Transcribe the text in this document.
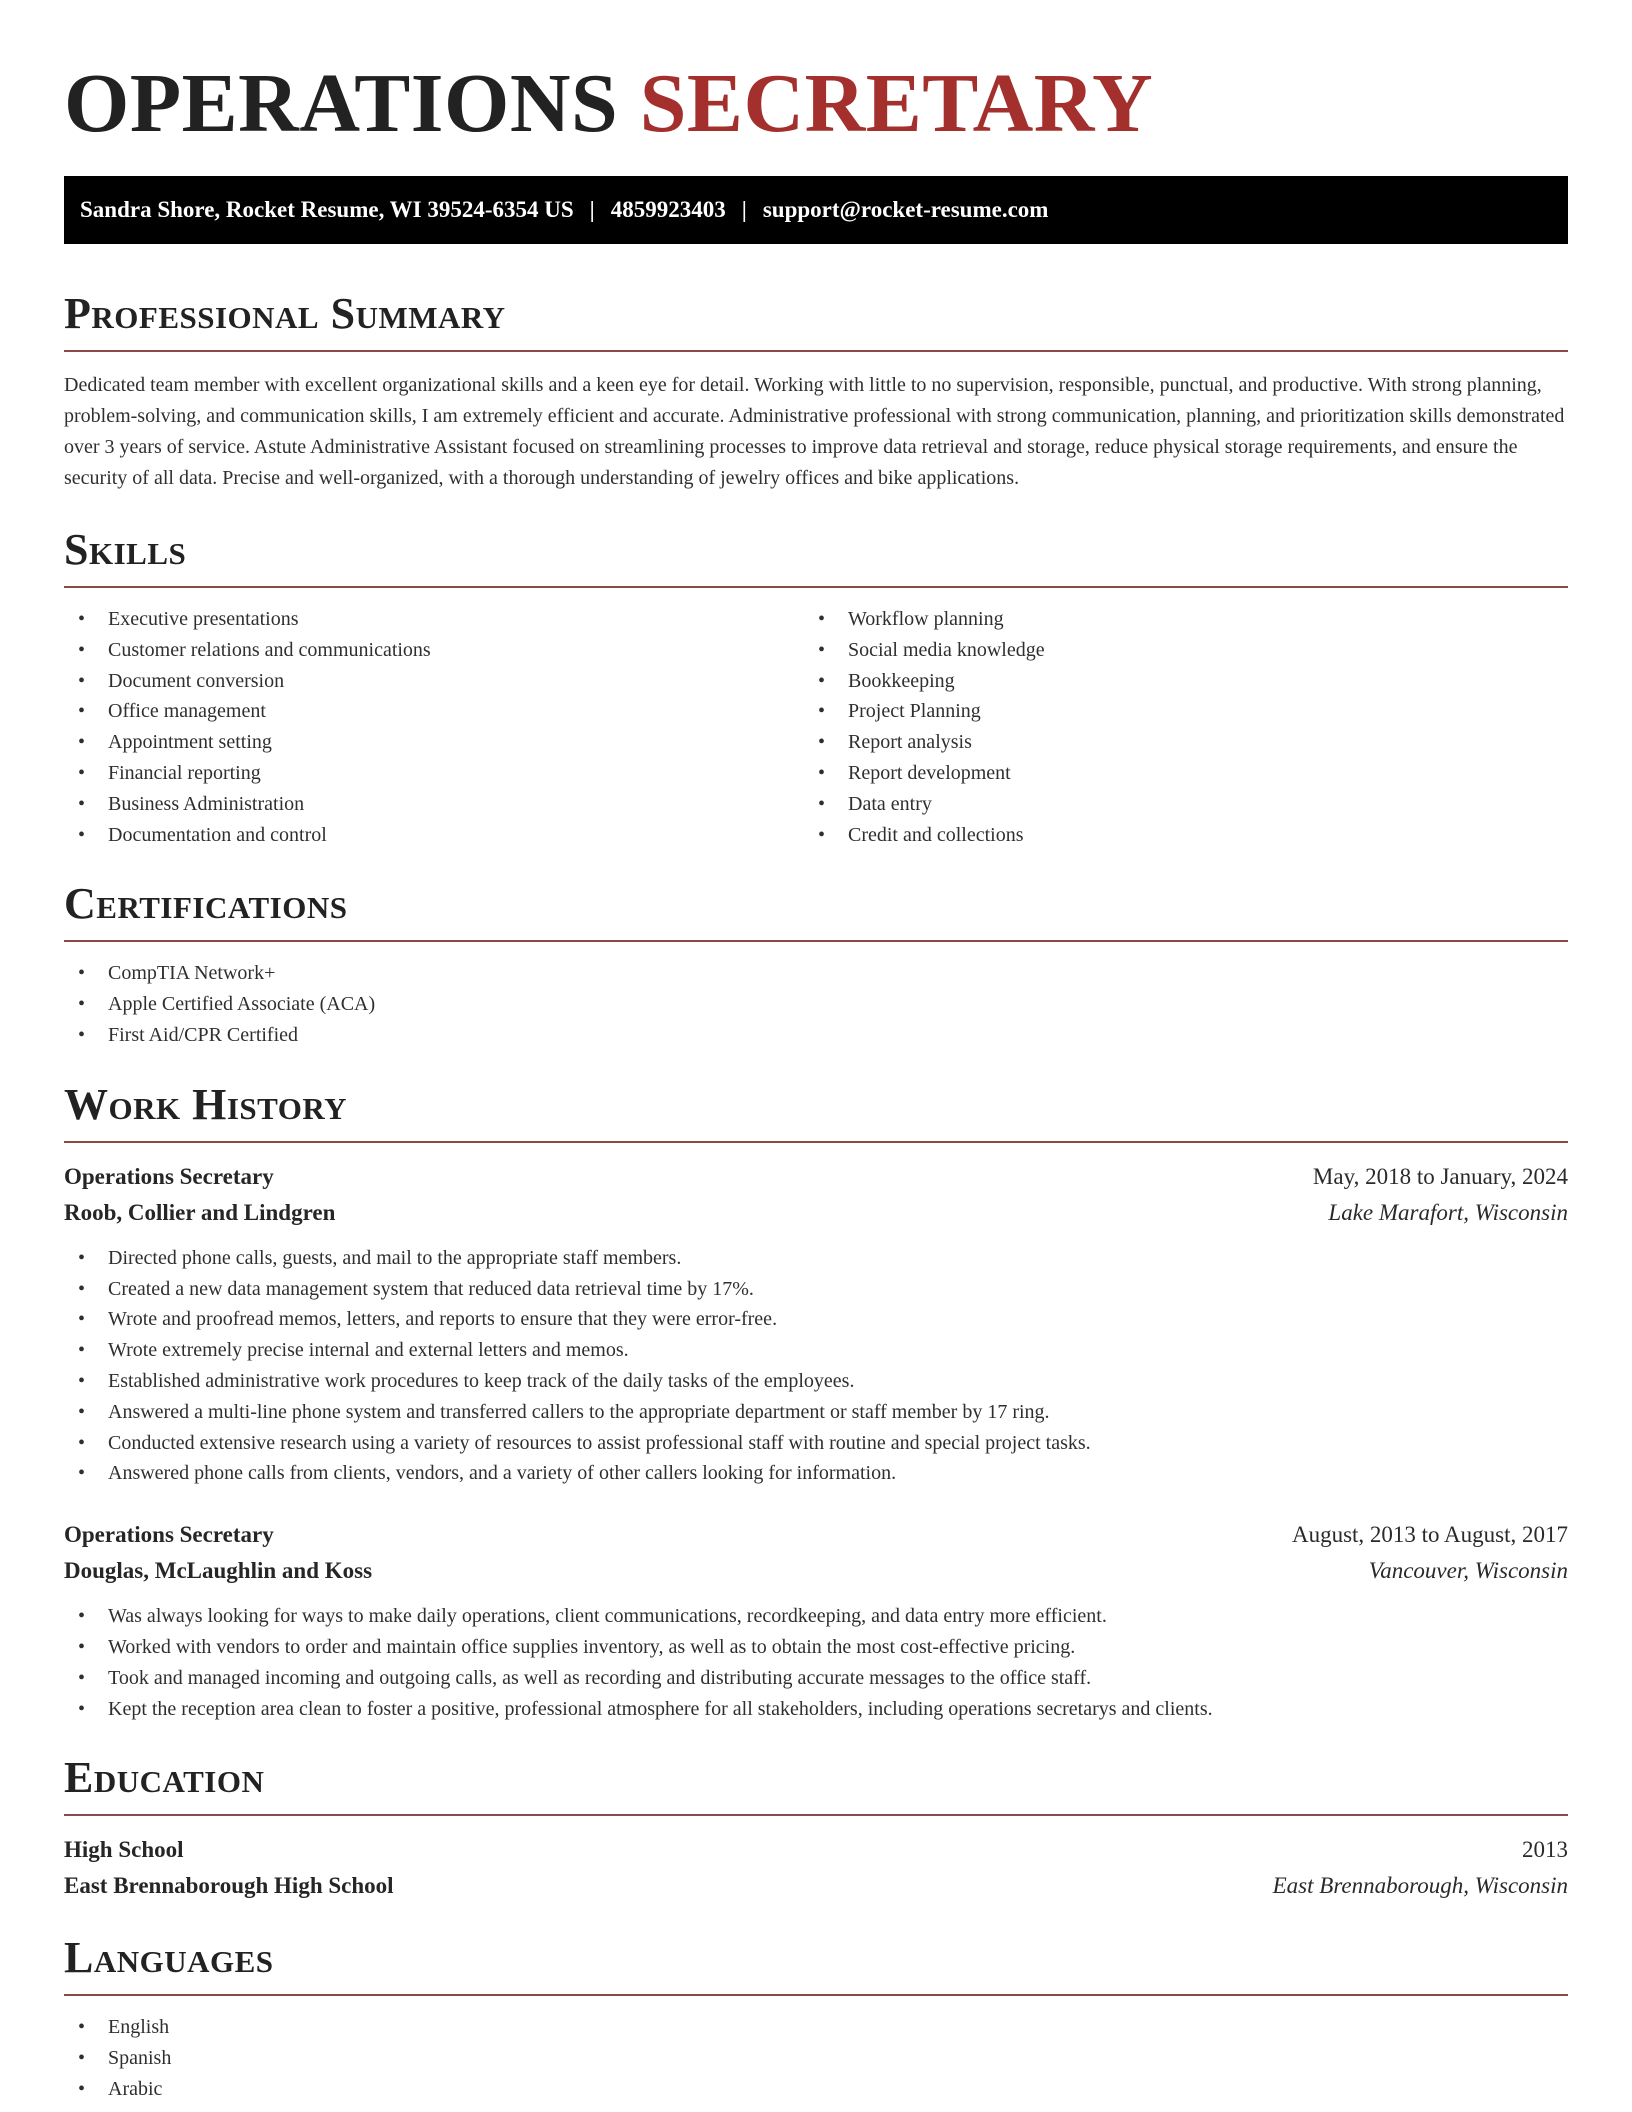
OPERATIONS SECRETARY
Sandra Shore, Rocket Resume, WI 39524-6354 US | 4859923403 | support@rocket-resume.com
Professional Summary

Dedicated team member with excellent organizational skills and a keen eye for detail. Working with little to no supervision, responsible, punctual, and productive. With strong planning, problem-solving, and communication skills, I am extremely efficient and accurate. Administrative professional with strong communication, planning, and prioritization skills demonstrated over 3 years of service. Astute Administrative Assistant focused on streamlining processes to improve data retrieval and storage, reduce physical storage requirements, and ensure the security of all data. Precise and well-organized, with a thorough understanding of jewelry offices and bike applications.

Skills
• Executive presentations
• Customer relations and communications
• Document conversion
• Office management
• Appointment setting
• Financial reporting
• Business Administration
• Documentation and control
• Workflow planning
• Social media knowledge
• Bookkeeping
• Project Planning
• Report analysis
• Report development
• Data entry
• Credit and collections
Certifications
• CompTIA Network+
• Apple Certified Associate (ACA)
• First Aid/CPR Certified
Work History
Operations Secretary	May, 2018 to January, 2024
Roob, Collier and Lindgren	Lake Marafort, Wisconsin
• Directed phone calls, guests, and mail to the appropriate staff members.
• Created a new data management system that reduced data retrieval time by 17%.
• Wrote and proofread memos, letters, and reports to ensure that they were error-free.
• Wrote extremely precise internal and external letters and memos.
• Established administrative work procedures to keep track of the daily tasks of the employees.
• Answered a multi-line phone system and transferred callers to the appropriate department or staff member by 17 ring.
• Conducted extensive research using a variety of resources to assist professional staff with routine and special project tasks.
• Answered phone calls from clients, vendors, and a variety of other callers looking for information.
Operations Secretary	August, 2013 to August, 2017
Douglas, McLaughlin and Koss	Vancouver, Wisconsin
• Was always looking for ways to make daily operations, client communications, recordkeeping, and data entry more efficient.
• Worked with vendors to order and maintain office supplies inventory, as well as to obtain the most cost-effective pricing.
• Took and managed incoming and outgoing calls, as well as recording and distributing accurate messages to the office staff.
• Kept the reception area clean to foster a positive, professional atmosphere for all stakeholders, including operations secretarys and clients.
Education
High School	2013
East Brennaborough High School	East Brennaborough, Wisconsin
Languages
• English
• Spanish
• Arabic
